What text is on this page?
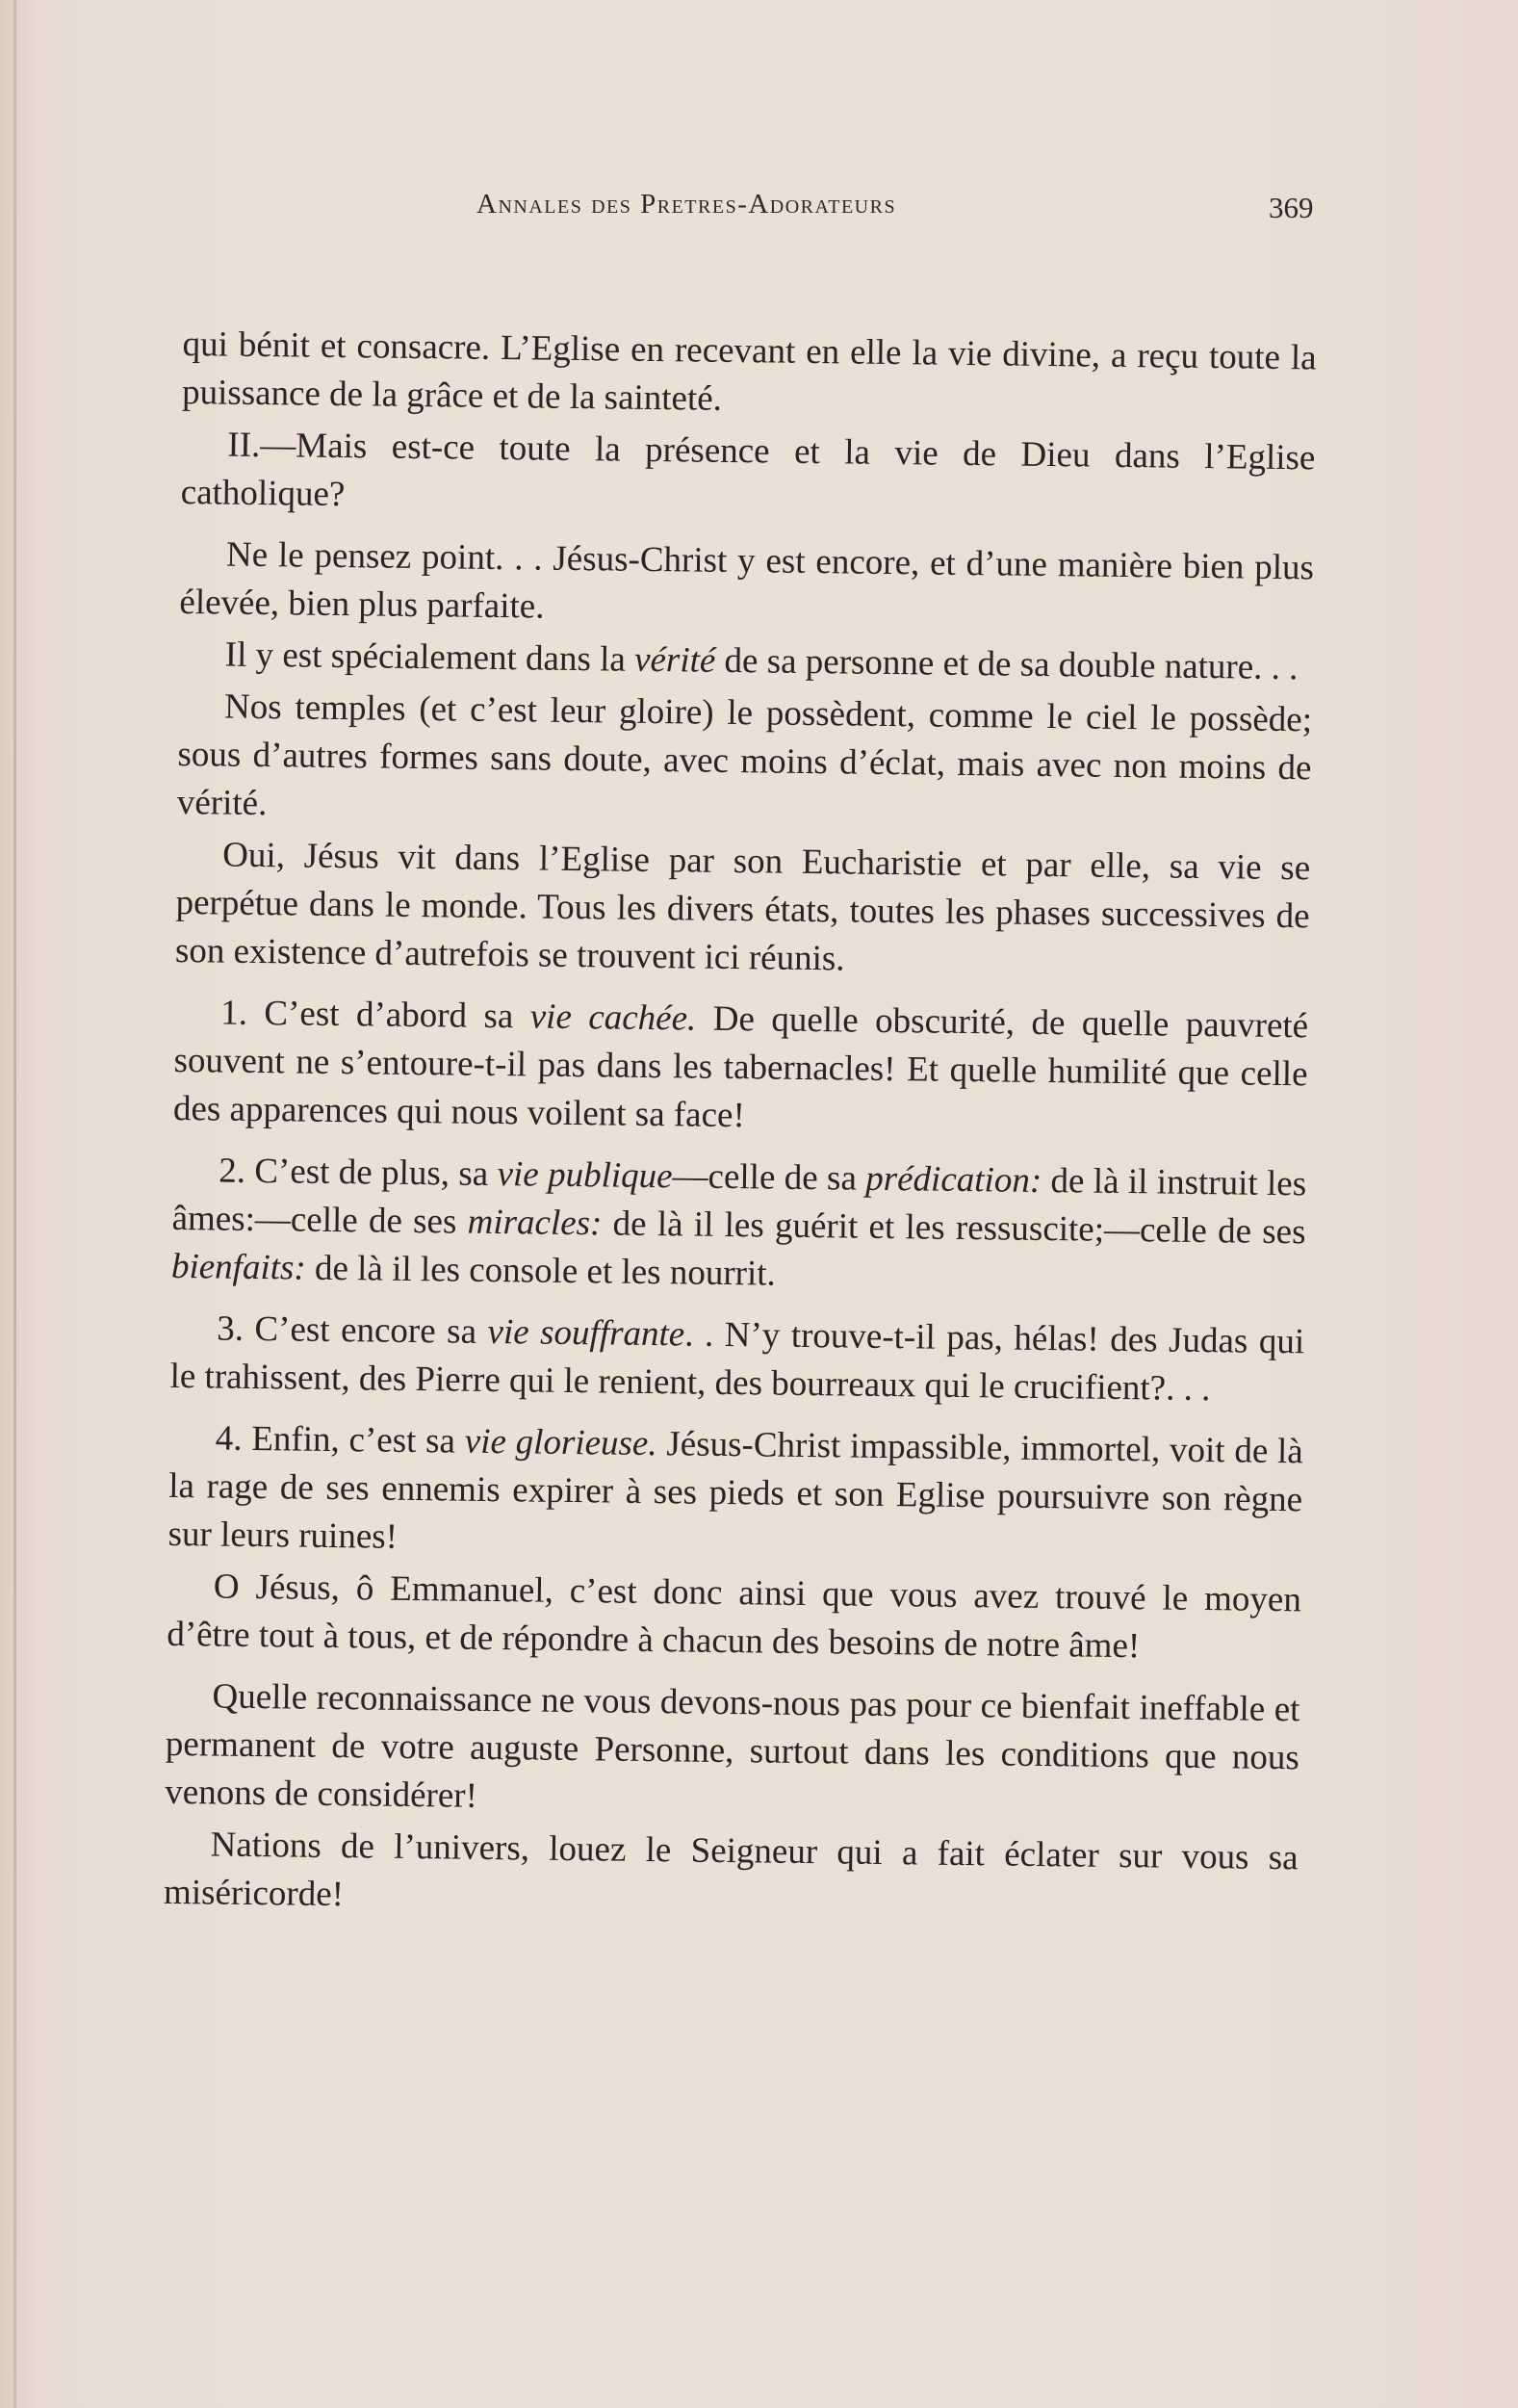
Annales des Pretres-Adorateurs	369

qui bénit et consacre. L’Eglise en recevant en elle la vie divine, a reçu toute la puissance de la grâce et de la sainteté.

II.—Mais est-ce toute la présence et la vie de Dieu dans l’Eglise catholique?

Ne le pensez point. . . Jésus-Christ y est encore, et d’une manière bien plus élevée, bien plus parfaite.

Il y est spécialement dans la vérité de sa personne et de sa double nature. . .

Nos temples (et c’est leur gloire) le possèdent, comme le ciel le possède; sous d’autres formes sans doute, avec moins d’éclat, mais avec non moins de vérité.

Oui, Jésus vit dans l’Eglise par son Eucharistie et par elle, sa vie se perpétue dans le monde. Tous les divers états, toutes les phases successives de son existence d’autrefois se trouvent ici réunis.

1. C’est d’abord sa vie cachée. De quelle obscurité, de quelle pauvreté souvent ne s’entoure-t-il pas dans les tabernacles! Et quelle humilité que celle des apparences qui nous voilent sa face!

2. C’est de plus, sa vie publique—celle de sa prédication: de là il instruit les âmes:—celle de ses miracles: de là il les guérit et les ressuscite;—celle de ses bienfaits: de là il les console et les nourrit.

3. C’est encore sa vie souffrante. . N’y trouve-t-il pas, hélas! des Judas qui le trahissent, des Pierre qui le renient, des bourreaux qui le crucifient?. . .

4. Enfin, c’est sa vie glorieuse. Jésus-Christ impassible, immortel, voit de là la rage de ses ennemis expirer à ses pieds et son Eglise poursuivre son règne sur leurs ruines!

O Jésus, ô Emmanuel, c’est donc ainsi que vous avez trouvé le moyen d’être tout à tous, et de répondre à chacun des besoins de notre âme!

Quelle reconnaissance ne vous devons-nous pas pour ce bienfait ineffable et permanent de votre auguste Personne, surtout dans les conditions que nous venons de considérer!

Nations de l’univers, louez le Seigneur qui a fait éclater sur vous sa miséricorde!
